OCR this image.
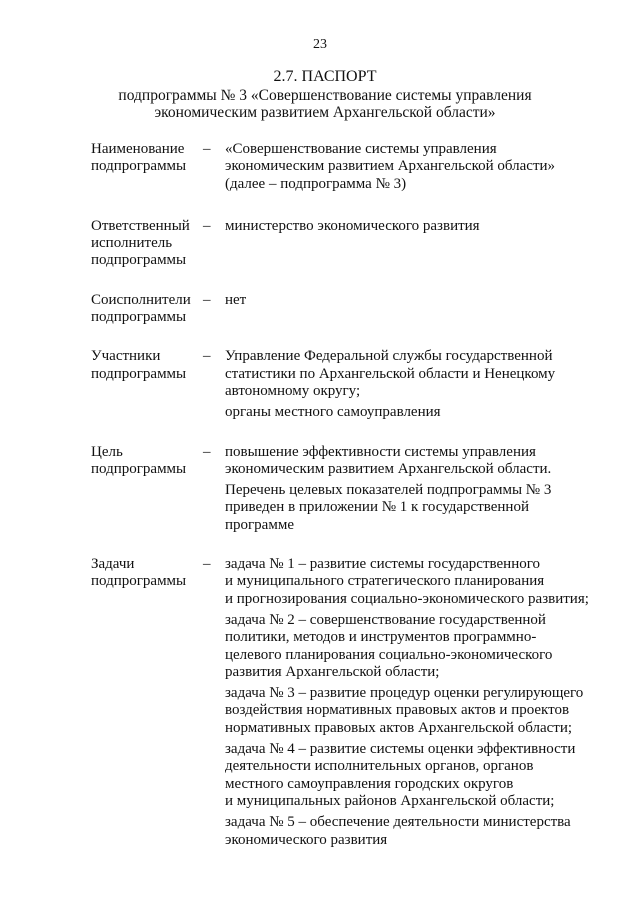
23
2.7. ПАСПОРТ
подпрограммы № 3 «Совершенствование системы управления
экономическим развитием Архангельской области»
Наименование
подпрограммы
– «Совершенствование системы управления
экономическим развитием Архангельской области»
(далее – подпрограмма № 3)
Ответственный
исполнитель
подпрограммы
– министерство экономического развития
Соисполнители
подпрограммы
– нет
Участники
подпрограммы
– Управление Федеральной службы государственной
статистики по Архангельской области и Ненецкому
автономному округу;
органы местного самоуправления
Цель
подпрограммы
– повышение эффективности системы управления
экономическим развитием Архангельской области.
Перечень целевых показателей подпрограммы № 3
приведен в приложении № 1 к государственной
программе
Задачи
подпрограммы
– задача № 1 – развитие системы государственного
и муниципального стратегического планирования
и прогнозирования социально-экономического развития;
задача № 2 – совершенствование государственной
политики, методов и инструментов программно-
целевого планирования социально-экономического
развития Архангельской области;
задача № 3 – развитие процедур оценки регулирующего
воздействия нормативных правовых актов и проектов
нормативных правовых актов Архангельской области;
задача № 4 – развитие системы оценки эффективности
деятельности исполнительных органов, органов
местного самоуправления городских округов
и муниципальных районов Архангельской области;
задача № 5 – обеспечение деятельности министерства
экономического развития
